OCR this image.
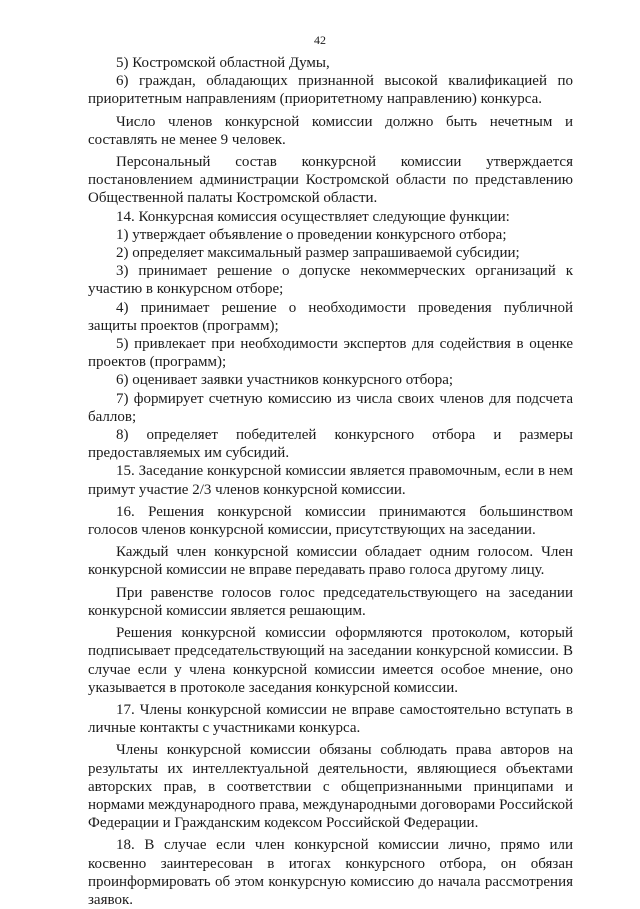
42

5) Костромской областной Думы,

6) граждан, обладающих признанной высокой квалификацией по приоритетным направлениям (приоритетному направлению) конкурса.

Число членов конкурсной комиссии должно быть нечетным и составлять не менее 9 человек.

Персональный состав конкурсной комиссии утверждается постановлением администрации Костромской области по представлению Общественной палаты Костромской области.

14. Конкурсная комиссия осуществляет следующие функции:

1) утверждает объявление о проведении конкурсного отбора;

2) определяет максимальный размер запрашиваемой субсидии;

3) принимает решение о допуске некоммерческих организаций к участию в конкурсном отборе;

4) принимает решение о необходимости проведения публичной защиты проектов (программ);

5) привлекает при необходимости экспертов для содействия в оценке проектов (программ);

6) оценивает заявки участников конкурсного отбора;

7) формирует счетную комиссию из числа своих членов для подсчета баллов;

8) определяет победителей конкурсного отбора и размеры предоставляемых им субсидий.

15. Заседание конкурсной комиссии является правомочным, если в нем примут участие 2/3 членов конкурсной комиссии.

16. Решения конкурсной комиссии принимаются большинством голосов членов конкурсной комиссии, присутствующих на заседании.

Каждый член конкурсной комиссии обладает одним голосом. Член конкурсной комиссии не вправе передавать право голоса другому лицу.

При равенстве голосов голос председательствующего на заседании конкурсной комиссии является решающим.

Решения конкурсной комиссии оформляются протоколом, который подписывает председательствующий на заседании конкурсной комиссии. В случае если у члена конкурсной комиссии имеется особое мнение, оно указывается в протоколе заседания конкурсной комиссии.

17. Члены конкурсной комиссии не вправе самостоятельно вступать в личные контакты с участниками конкурса.

Члены конкурсной комиссии обязаны соблюдать права авторов на результаты их интеллектуальной деятельности, являющиеся объектами авторских прав, в соответствии с общепризнанными принципами и нормами международного права, международными договорами Российской Федерации и Гражданским кодексом Российской Федерации.

18. В случае если член конкурсной комиссии лично, прямо или косвенно заинтересован в итогах конкурсного отбора, он обязан проинформировать об этом конкурсную комиссию до начала рассмотрения заявок.
